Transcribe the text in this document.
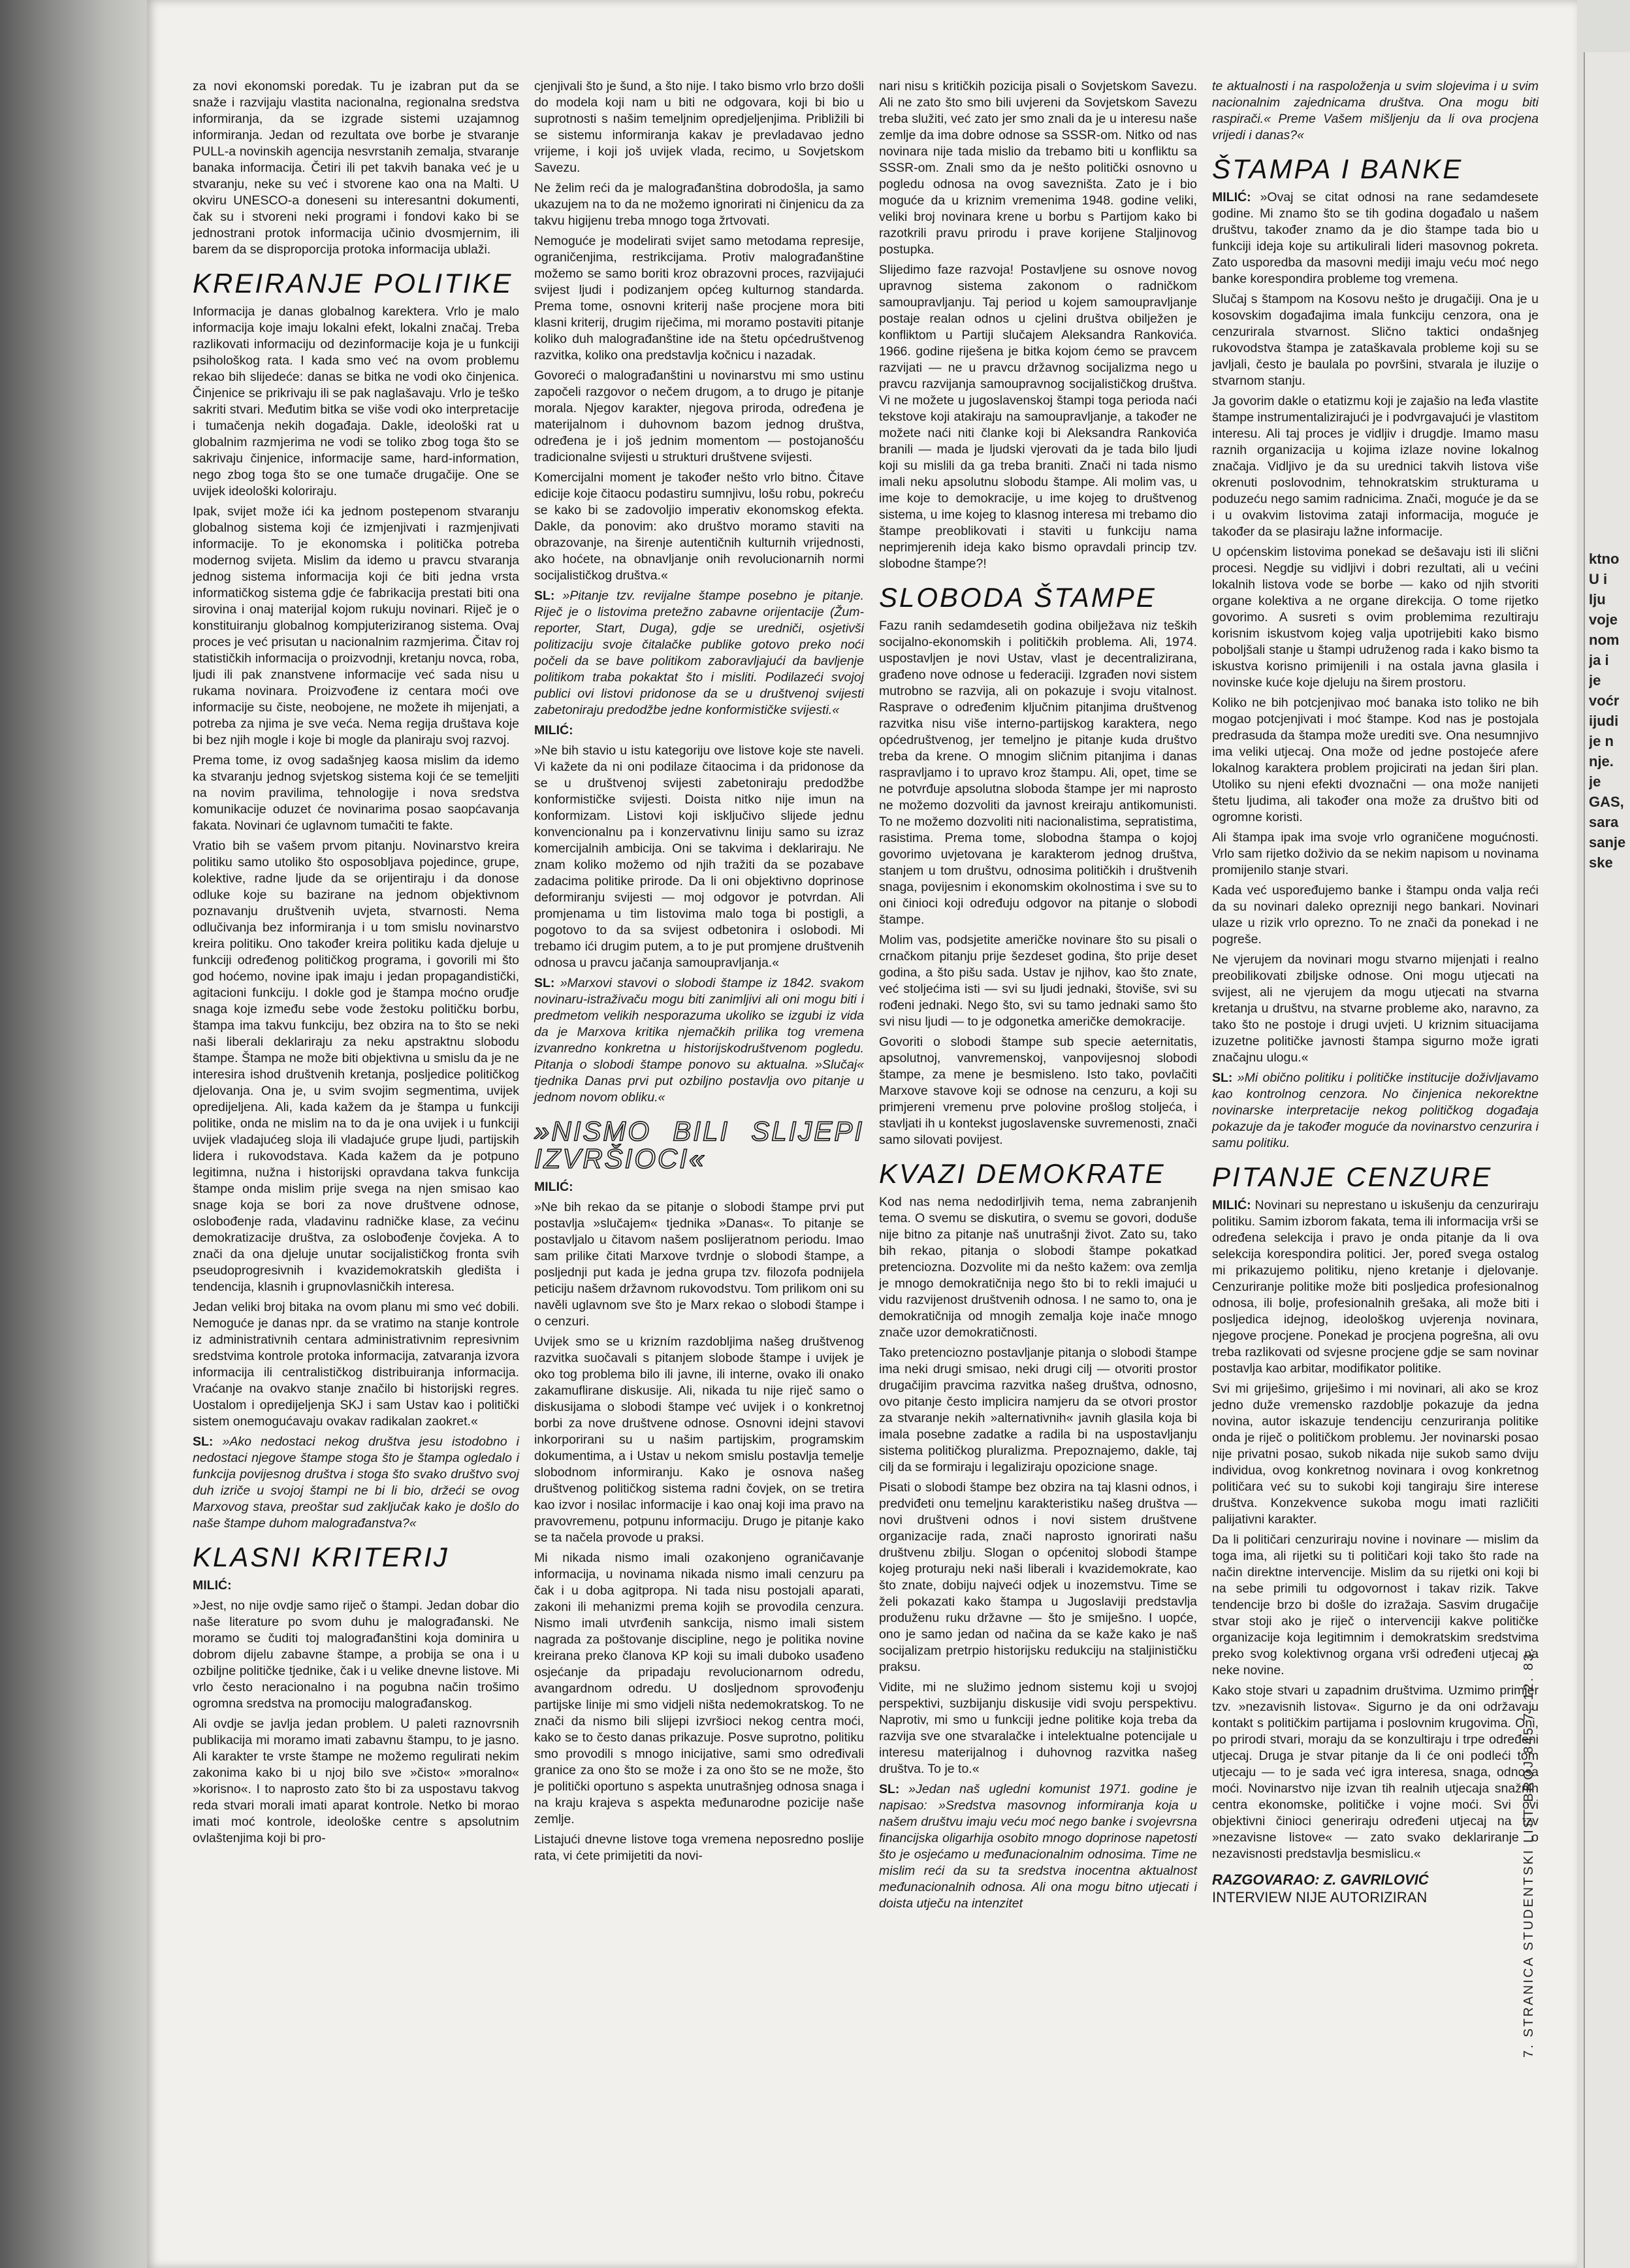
ktno
U i
Iju
voje
nom
ja i
je
voćr
ijudi
je n
nje.
je
GAS,
sara
sanje
ske

za novi ekonomski poredak. Tu je izabran put da se snaže i razvijaju vlastita nacionalna, regionalna sredstva informiranja, da se izgrade sistemi uzajamnog informiranja. Jedan od rezultata ove borbe je stvaranje PULL-a novinskih agencija nesvrstanih zemalja, stvaranje banaka informacija. Četiri ili pet takvih banaka već je u stvaranju, neke su već i stvorene kao ona na Malti. U okviru UNESCO-a doneseni su interesantni dokumenti, čak su i stvoreni neki programi i fondovi kako bi se jednostrani protok informacija učinio dvosmjernim, ili barem da se disproporcija protoka informacija ublaži.

KREIRANJE POLITIKE

Informacija je danas globalnog karektera. Vrlo je malo informacija koje imaju lokalni efekt, lokalni značaj. Treba razlikovati informaciju od dezinformacije koja je u funkciji psihološkog rata. I kada smo već na ovom problemu rekao bih slijedeće: danas se bitka ne vodi oko činjenica. Činjenice se prikrivaju ili se pak naglašavaju. Vrlo je teško sakriti stvari. Međutim bitka se više vodi oko interpretacije i tumačenja nekih događaja. Dakle, ideološki rat u globalnim razmjerima ne vodi se toliko zbog toga što se sakrivaju činjenice, informacije same, hard-information, nego zbog toga što se one tumače drugačije. One se uvijek ideološki koloriraju.

Ipak, svijet može ići ka jednom postepenom stvaranju globalnog sistema koji će izmjenjivati i razmjenjivati informacije. To je ekonomska i politička potreba modernog svijeta. Mislim da idemo u pravcu stvaranja jednog sistema informacija koji će biti jedna vrsta informatičkog sistema gdje će fabrikacija prestati biti ona sirovina i onaj materijal kojom rukuju novinari. Riječ je o konstituiranju globalnog kompjuteriziranog sistema. Ovaj proces je već prisutan u nacionalnim razmjerima. Čitav roj statističkih informacija o proizvodnji, kretanju novca, roba, ljudi ili pak znanstvene informacije već sada nisu u rukama novinara. Proizvođene iz centara moći ove informacije su čiste, neobojene, ne možete ih mijenjati, a potreba za njima je sve veća. Nema regija društava koje bi bez njih mogle i koje bi mogle da planiraju svoj razvoj.

Prema tome, iz ovog sadašnjeg kaosa mislim da idemo ka stvaranju jednog svjetskog sistema koji će se temeljiti na novim pravilima, tehnologije i nova sredstva komunikacije oduzet će novinarima posao saopćavanja fakata. Novinari će uglavnom tumačiti te fakte.

Vratio bih se vašem prvom pitanju. Novinarstvo kreira politiku samo utoliko što osposobljava pojedince, grupe, kolektive, radne ljude da se orijentiraju i da donose odluke koje su bazirane na jednom objektivnom poznavanju društvenih uvjeta, stvarnosti. Nema odlučivanja bez informiranja i u tom smislu novinarstvo kreira politiku. Ono također kreira politiku kada djeluje u funkciji određenog političkog programa, i govorili mi što god hoćemo, novine ipak imaju i jedan propagandistički, agitacioni funkciju. I dokle god je štampa moćno oruđje snaga koje između sebe vode žestoku političku borbu, štampa ima takvu funkciju, bez obzira na to što se neki naši liberali deklariraju za neku apstraktnu slobodu štampe. Štampa ne može biti objektivna u smislu da je ne interesira ishod društvenih kretanja, posljedice političkog djelovanja. Ona je, u svim svojim segmentima, uvijek opredijeljena. Ali, kada kažem da je štampa u funkciji politike, onda ne mislim na to da je ona uvijek i u funkciji uvijek vladajućeg sloja ili vladajuće grupe ljudi, partijskih lidera i rukovodstava. Kada kažem da je potpuno legitimna, nužna i historijski opravdana takva funkcija štampe onda mislim prije svega na njen smisao kao snage koja se bori za nove društvene odnose, oslobođenje rada, vladavinu radničke klase, za većinu demokratizacije društva, za oslobođenje čovjeka. A to znači da ona djeluje unutar socijalističkog fronta svih pseudoprogresivnih i kvazidemokratskih gledišta i tendencija, klasnih i grupnovlasničkih interesa.

Jedan veliki broj bitaka na ovom planu mi smo već dobili. Nemoguće je danas npr. da se vratimo na stanje kontrole iz administrativnih centara administrativnim represivnim sredstvima kontrole protoka informacija, zatvaranja izvora informacija ili centralističkog distribuiranja informacija. Vraćanje na ovakvo stanje značilo bi historijski regres. Uostalom i opredijeljenja SKJ i sam Ustav kao i politički sistem onemogućavaju ovakav radikalan zaokret.«

SL: »Ako nedostaci nekog društva jesu istodobno i nedostaci njegove štampe stoga što je štampa ogledalo i funkcija povijesnog društva i stoga što svako društvo svoj duh izriče u svojoj štampi ne bi li bio, držeći se ovog Marxovog stava, preoštar sud zaključak kako je došlo do naše štampe duhom malograđanstva?«

KLASNI KRITERIJ

MILIĆ:

»Jest, no nije ovdje samo riječ o štampi. Jedan dobar dio naše literature po svom duhu je malograđanski. Ne moramo se čuditi toj malograđanštini koja dominira u dobrom dijelu zabavne štampe, a probija se ona i u ozbiljne političke tjednike, čak i u velike dnevne listove. Mi vrlo često neracionalno i na pogubna način trošimo ogromna sredstva na promociju malograđanskog.

Ali ovdje se javlja jedan problem. U paleti raznovrsnih publikacija mi moramo imati zabavnu štampu, to je jasno. Ali karakter te vrste štampe ne možemo regulirati nekim zakonima kako bi u njoj bilo sve »čisto« »moralno« »korisno«. I to naprosto zato što bi za uspostavu takvog reda stvari morali imati aparat kontrole. Netko bi morao imati moć kontrole, ideološke centre s apsolutnim ovlaštenjima koji bi pro-

cjenjivali što je šund, a što nije. I tako bismo vrlo brzo došli do modela koji nam u biti ne odgovara, koji bi bio u suprotnosti s našim temeljnim opredjeljenjima. Približili bi se sistemu informiranja kakav je prevladavao jedno vrijeme, i koji još uvijek vlada, recimo, u Sovjetskom Savezu.

Ne želim reći da je malograđanština dobrodošla, ja samo ukazujem na to da ne možemo ignorirati ni činjenicu da za takvu higijenu treba mnogo toga žrtvovati.

Nemoguće je modelirati svijet samo metodama represije, ograničenjima, restrikcijama. Protiv malograđanštine možemo se samo boriti kroz obrazovni proces, razvijajući svijest ljudi i podizanjem općeg kulturnog standarda. Prema tome, osnovni kriterij naše procjene mora biti klasni kriterij, drugim riječima, mi moramo postaviti pitanje koliko duh malograđanštine ide na štetu općedruštvenog razvitka, koliko ona predstavlja kočnicu i nazadak.

Govoreći o malograđanštini u novinarstvu mi smo ustinu započeli razgovor o nečem drugom, a to drugo je pitanje morala. Njegov karakter, njegova priroda, određena je materijalnom i duhovnom bazom jednog društva, određena je i još jednim momentom — postojanošću tradicionalne svijesti u strukturi društvene svijesti.

Komercijalni moment je također nešto vrlo bitno. Čitave edicije koje čitaocu podastiru sumnjivu, lošu robu, pokreću se kako bi se zadovoljio imperativ ekonomskog efekta. Dakle, da ponovim: ako društvo moramo staviti na obrazovanje, na širenje autentičnih kulturnih vrijednosti, ako hoćete, na obnavljanje onih revolucionarnih normi socijalističkog društva.«

SL: »Pitanje tzv. revijalne štampe posebno je pitanje. Riječ je o listovima pretežno zabavne orijentacije (Žum-reporter, Start, Duga), gdje se uredniči, osjetivši politizaciju svoje čitalačke publike gotovo preko noći počeli da se bave politikom zaboravljajući da bavljenje politikom traba pokaktat što i misliti. Podilazeći svojoj publici ovi listovi pridonose da se u društvenoj svijesti zabetoniraju predodžbe jedne konformističke svijesti.«

MILIĆ:

»Ne bih stavio u istu kategoriju ove listove koje ste naveli. Vi kažete da ni oni podilaze čitaocima i da pridonose da se u društvenoj svijesti zabetoniraju predodžbe konformističke svijesti. Doista nitko nije imun na konformizam. Listovi koji isključivo slijede jednu konvencionalnu pa i konzervativnu liniju samo su izraz komercijalnih ambicija. Oni se takvima i deklariraju. Ne znam koliko možemo od njih tražiti da se pozabave zadacima politike prirode. Da li oni objektivno doprinose deformiranju svijesti — moj odgovor je potvrdan. Ali promjenama u tim listovima malo toga bi postigli, a pogotovo to da sa svijest odbetonira i oslobodi. Mi trebamo ići drugim putem, a to je put promjene društvenih odnosa u pravcu jačanja samoupravljanja.«

SL: »Marxovi stavovi o slobodi štampe iz 1842. svakom novinaru-istraživaču mogu biti zanimljivi ali oni mogu biti i predmetom velikih nesporazuma ukoliko se izgubi iz vida da je Marxova kritika njemačkih prilika tog vremena izvanredno konkretna u historijskodruštvenom pogledu. Pitanja o slobodi štampe ponovo su aktualna. »Slučaj« tjednika Danas prvi put ozbiljno postavlja ovo pitanje u jednom novom obliku.«

»NISMO BILI SLIJEPI IZVRŠIOCI«

MILIĆ:

»Ne bih rekao da se pitanje o slobodi štampe prvi put postavlja »slučajem« tjednika »Danas«. To pitanje se postavljalo u čitavom našem poslijeratnom periodu. Imao sam prilike čitati Marxove tvrdnje o slobodi štampe, a posljednji put kada je jedna grupa tzv. filozofa podnijela peticiju našem državnom rukovodstvu. Tom prilikom oni su navěli uglavnom sve što je Marx rekao o slobodi štampe i o cenzuri.

Uvijek smo se u krizním razdobljima našeg društvenog razvitka suočavali s pitanjem slobode štampe i uvijek je oko tog problema bilo ili javne, ili interne, ovako ili onako zakamuflirane diskusije. Ali, nikada tu nije riječ samo o diskusijama o slobodi štampe već uvijek i o konkretnoj borbi za nove društvene odnose. Osnovni idejni stavovi inkorporirani su u našim partijskim, programskim dokumentima, a i Ustav u nekom smislu postavlja temelje slobodnom informiranju. Kako je osnova našeg društvenog političkog sistema radni čovjek, on se tretira kao izvor i nosilac informacije i kao onaj koji ima pravo na pravovremenu, potpunu informaciju. Drugo je pitanje kako se ta načela provode u praksi.

Mi nikada nismo imali ozakonjeno ograničavanje informacija, u novinama nikada nismo imali cenzuru pa čak i u doba agitpropa. Ni tada nisu postojali aparati, zakoni ili mehanizmi prema kojih se provodila cenzura. Nismo imali utvrđenih sankcija, nismo imali sistem nagrada za poštovanje discipline, nego je politika novine kreirana preko članova KP koji su imali duboko usađeno osjećanje da pripadaju revolucionarnom odredu, avangardnom odredu. U dosljednom sprovođenju partijske linije mi smo vidjeli ništa nedemokratskog. To ne znači da nismo bili slijepi izvršioci nekog centra moći, kako se to često danas prikazuje. Posve suprotno, politiku smo provodili s mnogo inicijative, sami smo određivali granice za ono što se može i za ono što se ne može, što je politički oportuno s aspekta unutrašnjeg odnosa snaga i na kraju krajeva s aspekta međunarodne pozicije naše zemlje.

Listajući dnevne listove toga vremena neposredno poslije rata, vi ćete primijetiti da novi-

nari nisu s kritičkih pozicija pisali o Sovjetskom Savezu. Ali ne zato što smo bili uvjereni da Sovjetskom Savezu treba služiti, već zato jer smo znali da je u interesu naše zemlje da ima dobre odnose sa SSSR-om. Nitko od nas novinara nije tada mislio da trebamo biti u konfliktu sa SSSR-om. Znali smo da je nešto politički osnovno u pogledu odnosa na ovog savezništa. Zato je i bio moguće da u kriznim vremenima 1948. godine veliki, veliki broj novinara krene u borbu s Partijom kako bi razotkrili pravu prirodu i prave korijene Staljinovog postupka.

Slijedimo faze razvoja! Postavljene su osnove novog upravnog sistema zakonom o radničkom samoupravljanju. Taj period u kojem samoupravljanje postaje realan odnos u cjelini društva obilježen je konfliktom u Partiji slučajem Aleksandra Rankovića. 1966. godine riješena je bitka kojom ćemo se pravcem razvijati — ne u pravcu državnog socijalizma nego u pravcu razvijanja samoupravnog socijalističkog društva. Vi ne možete u jugoslavenskoj štampi toga perioda naći tekstove koji atakiraju na samoupravljanje, a također ne možete naći niti članke koji bi Aleksandra Rankovića branili — mada je ljudski vjerovati da je tada bilo ljudi koji su mislili da ga treba braniti. Znači ni tada nismo imali neku apsolutnu slobodu štampe. Ali molim vas, u ime koje to demokracije, u ime kojeg to društvenog sistema, u ime kojeg to klasnog interesa mi trebamo dio štampe preoblikovati i staviti u funkciju nama neprimjerenih ideja kako bismo opravdali princip tzv. slobodne štampe?!

SLOBODA ŠTAMPE

Fazu ranih sedamdesetih godina obilježava niz teških socijalno-ekonomskih i političkih problema. Ali, 1974. uspostavljen je novi Ustav, vlast je decentralizirana, građeno nove odnose u federaciji. Izgrađen novi sistem mutrobno se razvija, ali on pokazuje i svoju vitalnost. Rasprave o određenim ključnim pitanjima društvenog razvitka nisu više interno-partijskog karaktera, nego općedruštvenog, jer temeljno je pitanje kuda društvo treba da krene. O mnogim sličnim pitanjima i danas raspravljamo i to upravo kroz štampu. Ali, opet, time se ne potvrđuje apsolutna sloboda štampe jer mi naprosto ne možemo dozvoliti da javnost kreiraju antikomunisti. To ne možemo dozvoliti niti nacionalistima, sepratistima, rasistima. Prema tome, slobodna štampa o kojoj govorimo uvjetovana je karakterom jednog društva, stanjem u tom društvu, odnosima političkih i društvenih snaga, povijesnim i ekonomskim okolnostima i sve su to oni činioci koji određuju odgovor na pitanje o slobodi štampe.

Molim vas, podsjetite američke novinare što su pisali o crnačkom pitanju prije šezdeset godina, što prije deset godina, a što pišu sada. Ustav je njihov, kao što znate, već stoljećima isti — svi su ljudi jednaki, štoviše, svi su rođeni jednaki. Nego što, svi su tamo jednaki samo što svi nisu ljudi — to je odgonetka američke demokracije.

Govoriti o slobodi štampe sub specie aeternitatis, apsolutnoj, vanvremenskoj, vanpovijesnoj slobodi štampe, za mene je besmisleno. Isto tako, povlačiti Marxove stavove koji se odnose na cenzuru, a koji su primjereni vremenu prve polovine prošlog stoljeća, i stavljati ih u kontekst jugoslavenske suvremenosti, znači samo silovati povijest.

KVAZI DEMOKRATE

Kod nas nema nedodirljivih tema, nema zabranjenih tema. O svemu se diskutira, o svemu se govori, doduše nije bitno za pitanje naš unutrašnji život. Zato su, tako bih rekao, pitanja o slobodi štampe pokatkad pretencioznа. Dozvolite mi da nešto kažem: ova zemlja je mnogo demokratičnija nego što bi to rekli imajući u vidu razvijenost društvenih odnosa. I ne samo to, ona je demokratičnija od mnogih zemalja koje inače mnogo znače uzor demokratičnosti.

Tako pretenciozno postavljanje pitanja o slobodi štampe ima neki drugi smisao, neki drugi cilj — otvoriti prostor drugačijim pravcima razvitka našeg društva, odnosno, ovo pitanje često implicira namjeru da se otvori prostor za stvaranje nekih »alternativnih« javnih glasila koja bi imala posebne zadatke a radila bi na uspostavljanju sistema političkog pluralizma. Prepoznajemo, dakle, taj cilj da se formiraju i legaliziraju opozicione snage.

Pisati o slobodi štampe bez obzira na taj klasni odnos, i predviđeti onu temeljnu karakteristiku našeg društva — novi društveni odnos i novi sistem društvene organizacije rada, znači naprosto ignorirati našu društvenu zbilju. Slogan o općenitoj slobodi štampe kojeg proturaju neki naši liberali i kvazidemokrate, kao što znate, dobiju najveći odjek u inozemstvu. Time se želi pokazati kako štampa u Jugoslaviji predstavlja produženu ruku državne — što je smiješno. I uopće, ono je samo jedan od načina da se kaže kako je naš socijalizam pretrpio historijsku redukciju na staljinističku praksu.

Vidite, mi ne služimo jednom sistemu koji u svojoj perspektivi, suzbijanju diskusije vidi svoju perspektivu. Naprotiv, mi smo u funkciji jedne politike koja treba da razvija sve one stvaralačke i intelektualne potencijale u interesu materijalnog i duhovnog razvitka našeg društva. To je to.«

SL: »Jedan naš ugledni komunist 1971. godine je napisao: »Sredstva masovnog informiranja koja u našem društvu imaju veću moć nego banke i svojevrsna financijska oligarhija osobito mnogo doprinose napetosti što je osjećamo u međunacionalnim odnosima. Time ne mislim reći da su ta sredstva inocentna aktualnost međunacionalnih odnosa. Ali ona mogu bitno utjecati i doista utječu na intenzitet

te aktualnosti i na raspoloženja u svim slojevima i u svim nacionalnim zajednicama društva. Ona mogu biti raspirači.« Preme Vašem mišljenju da li ova procjena vrijedi i danas?«

ŠTAMPA I BANKE

MILIĆ: »Ovaj se citat odnosi na rane sedamdesete godine. Mi znamo što se tih godina događalo u našem društvu, također znamo da je dio štampe tada bio u funkciji ideja koje su artikulirali lideri masovnog pokreta. Zato usporedba da masovni mediji imaju veću moć nego banke korespondira probleme tog vremena.

Slučaj s štampom na Kosovu nešto je drugačiji. Ona je u kosovskim događajima imala funkciju cenzora, ona je cenzurirala stvarnost. Slično taktici ondašnjeg rukovodstva štampa je zataškavala probleme koji su se javljali, često je baulala po površini, stvarala je iluzije o stvarnom stanju.

Ja govorim dakle o etatizmu koji je zajašio na leđa vlastite štampe instrumentalizirajući je i podvrgavajući je vlastitom interesu. Ali taj proces je vidljiv i drugdje. Imamo masu raznih organizacija u kojima izlaze novine lokalnog značaja. Vidljivo je da su urednici takvih listova više okrenuti poslovodnim, tehnokratskim strukturama u poduzeću nego samim radnicima. Znači, moguće je da se i u ovakvim listovima zataji informacija, moguće je također da se plasiraju lažne informacije.

U općenskim listovima ponekad se dešavaju isti ili slični procesi. Negdje su vidljivi i dobri rezultati, ali u većini lokalnih listova vode se borbe — kako od njih stvoriti organe kolektiva a ne organe direkcija. O tome rijetko govorimo. A susreti s ovim problemima rezultiraju korisnim iskustvom kojeg valja upotrijebiti kako bismo poboljšali stanje u štampi udruženog rada i kako bismo ta iskustva korisno primijenili i na ostala javna glasila i novinske kuće koje djeluju na širem prostoru.

Koliko ne bih potcjenjivao moć banaka isto toliko ne bih mogao potcjenjivati i moć štampe. Kod nas je postojala predrasuda da štampa može urediti sve. Ona nesumnjivo ima veliki utjecaj. Ona može od jedne postojeće afere lokalnog karaktera problem projicirati na jedan širi plan. Utoliko su njeni efekti dvoznačni — ona može nanijeti štetu ljudima, ali također ona može za društvo biti od ogromne koristi.

Ali štampa ipak ima svoje vrlo ograničene mogućnosti. Vrlo sam rijetko doživio da se nekim napisom u novinama promijenilo stanje stvari.

Kada već uspoređujemo banke i štampu onda valja reći da su novinari daleko oprezniji nego bankari. Novinari ulaze u rizik vrlo oprezno. To ne znači da ponekad i ne pogreše.

Ne vjerujem da novinari mogu stvarno mijenjati i realno preobilikovati zbiljske odnose. Oni mogu utjecati na svijest, ali ne vjerujem da mogu utjecati na stvarna kretanja u društvu, na stvarne probleme ako, naravno, za tako što ne postoje i drugi uvjeti. U kriznim situacijama izuzetne političke javnosti štampa sigurno može igrati značajnu ulogu.«

SL: »Mi obično politiku i političke institucije doživljavamo kao kontrolnog cenzora. No činjenica nekorektne novinarske interpretacije nekog političkog događaja pokazuje da je također moguće da novinarstvo cenzurira i samu politiku.

PITANJE CENZURE

MILIĆ: Novinari su neprestano u iskušenju da cenzuriraju politiku. Samim izborom fakata, tema ili informacija vrši se određena selekcija i pravo je onda pitanje da li ova selekcija korespondira politici. Jer, poređ svega ostalog mi prikazujemo politiku, njeno kretanje i djelovanje. Cenzuriranje politike može biti posljedica profesionalnog odnosa, ili bolje, profesionalnih grešaka, ali može biti i posljedica idejnog, ideološkog uvjerenja novinara, njegove procjene. Ponekad je procjena pogrešna, ali ovu treba razlikovati od svjesne procjene gdje se sam novinar postavlja kao arbitar, modifikator politike.

Svi mi griješimo, griješimo i mi novinari, ali ako se kroz jedno duže vremensko razdoblje pokazuje da jedna novina, autor iskazuje tendenciju cenzuriranja politike onda je riječ o političkom problemu. Jer novinarski posao nije privatni posao, sukob nikada nije sukob samo dviju individua, ovog konkretnog novinara i ovog konkretnog političara već su to sukobi koji tangiraju šire interese društva. Konzekvence sukoba mogu imati različiti palijativni karakter.

Da li političari cenzuriraju novine i novinare — mislim da toga ima, ali rijetki su ti političari koji tako što rade na način direktne intervencije. Mislim da su rijetki oni koji bi na sebe primili tu odgovornost i takav rizik. Takve tendencije brzo bi došle do izražaja. Sasvim drugačije stvar stoji ako je riječ o intervenciji kakve političke organizacije koja legitimnim i demokratskim sredstvima preko svog kolektivnog organa vrši određeni utjecaj na neke novine.

Kako stoje stvari u zapadnim društvima. Uzmimo primjer tzv. »nezavisnih listova«. Sigurno je da oni održavaju kontakt s političkim partijama i poslovnim krugovima. Oni, po prirodi stvari, moraju da se konzultiraju i trpe određeni utjecaj. Druga je stvar pitanje da li će oni podleći tom utjecaju — to je sada već igra interesa, snaga, odnosa moći. Novinarstvo nije izvan tih realnih utjecaja snažnih centra ekonomske, političke i vojne moći. Svi ovi objektivni činioci generiraju određeni utjecaj na tzv »nezavisne listove« — zato svako deklariranje o nezavisnosti predstavlja besmislicu.«

RAZGOVARAO: Z. GAVRILOVIĆ
INTERVIEW NIJE AUTORIZIRAN	7. STRANICA STUDENTSKI LIST BROJ 845 7. 12. 83.
